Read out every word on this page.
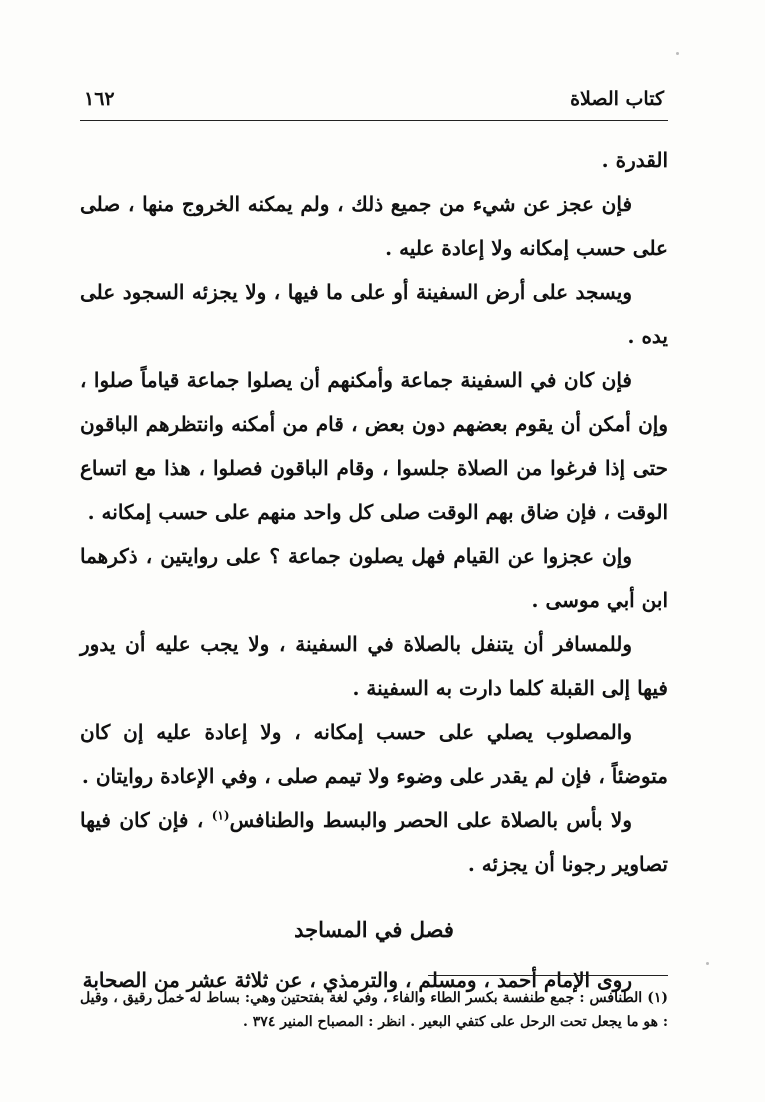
كتاب الصلاة
١٦٢

القدرة .

فإن عجز عن شيء من جميع ذلك ، ولم يمكنه الخروج منها ، صلى على حسب إمكانه ولا إعادة عليه .

ويسجد على أرض السفينة أو على ما فيها ، ولا يجزئه السجود على يده .

فإن كان في السفينة جماعة وأمكنهم أن يصلوا جماعة قياماً صلوا ، وإن أمكن أن يقوم بعضهم دون بعض ، قام من أمكنه وانتظرهم الباقون حتى إذا فرغوا من الصلاة جلسوا ، وقام الباقون فصلوا ، هذا مع اتساع الوقت ، فإن ضاق بهم الوقت صلى كل واحد منهم على حسب إمكانه .

وإن عجزوا عن القيام فهل يصلون جماعة ؟ على روايتين ، ذكرهما ابن أبي موسى .

وللمسافر أن يتنفل بالصلاة في السفينة ، ولا يجب عليه أن يدور فيها إلى القبلة كلما دارت به السفينة .

والمصلوب يصلي على حسب إمكانه ، ولا إعادة عليه إن كان متوضئاً ، فإن لم يقدر على وضوء ولا تيمم صلى ، وفي الإعادة روايتان .

ولا بأس بالصلاة على الحصر والبسط والطنافس$^{(١)}$ ، فإن كان فيها تصاوير رجونا أن يجزئه .

فصل في المساجد

روى الإمام أحمد ، ومسلم ، والترمذي ، عن ثلاثة عشر من الصحابة

(١) الطنافس : جمع طنفسة بكسر الطاء والفاء ، وفي لغة بفتحتين وهي: بساط له خمل رقيق ، وقيل : هو ما يجعل تحت الرحل على كتفي البعير . انظر : المصباح المنير ٣٧٤ .
